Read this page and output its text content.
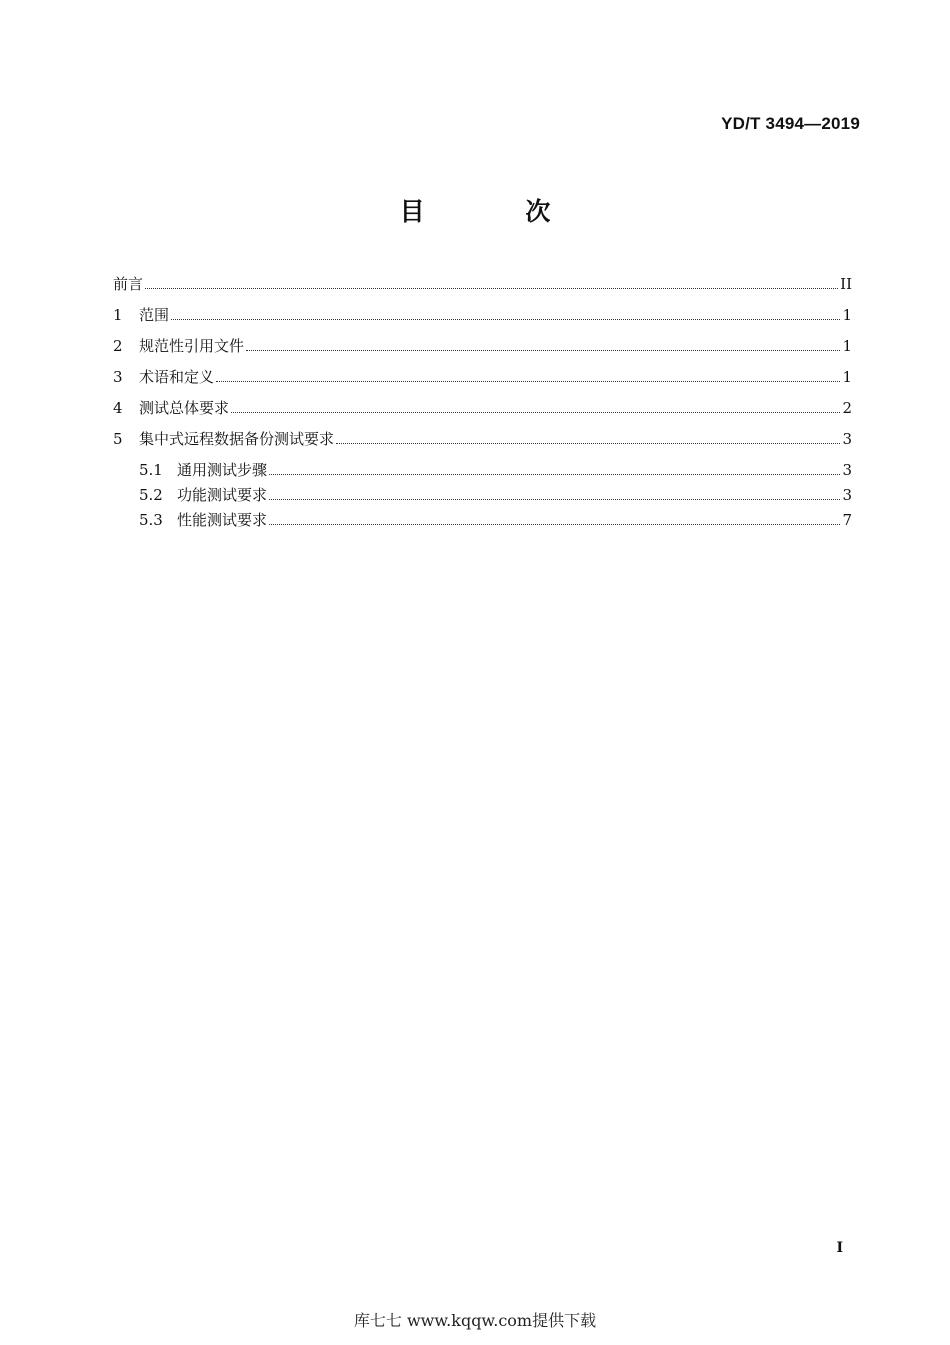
YD/T 3494—2019
目 次
前言	II
1	范围	1
2	规范性引用文件	1
3	术语和定义	1
4	测试总体要求	2
5	集中式远程数据备份测试要求	3
5.1 通用测试步骤	3
5.2 功能测试要求	3
5.3 性能测试要求	7
I
库七七 www.kqqw.com提供下载
